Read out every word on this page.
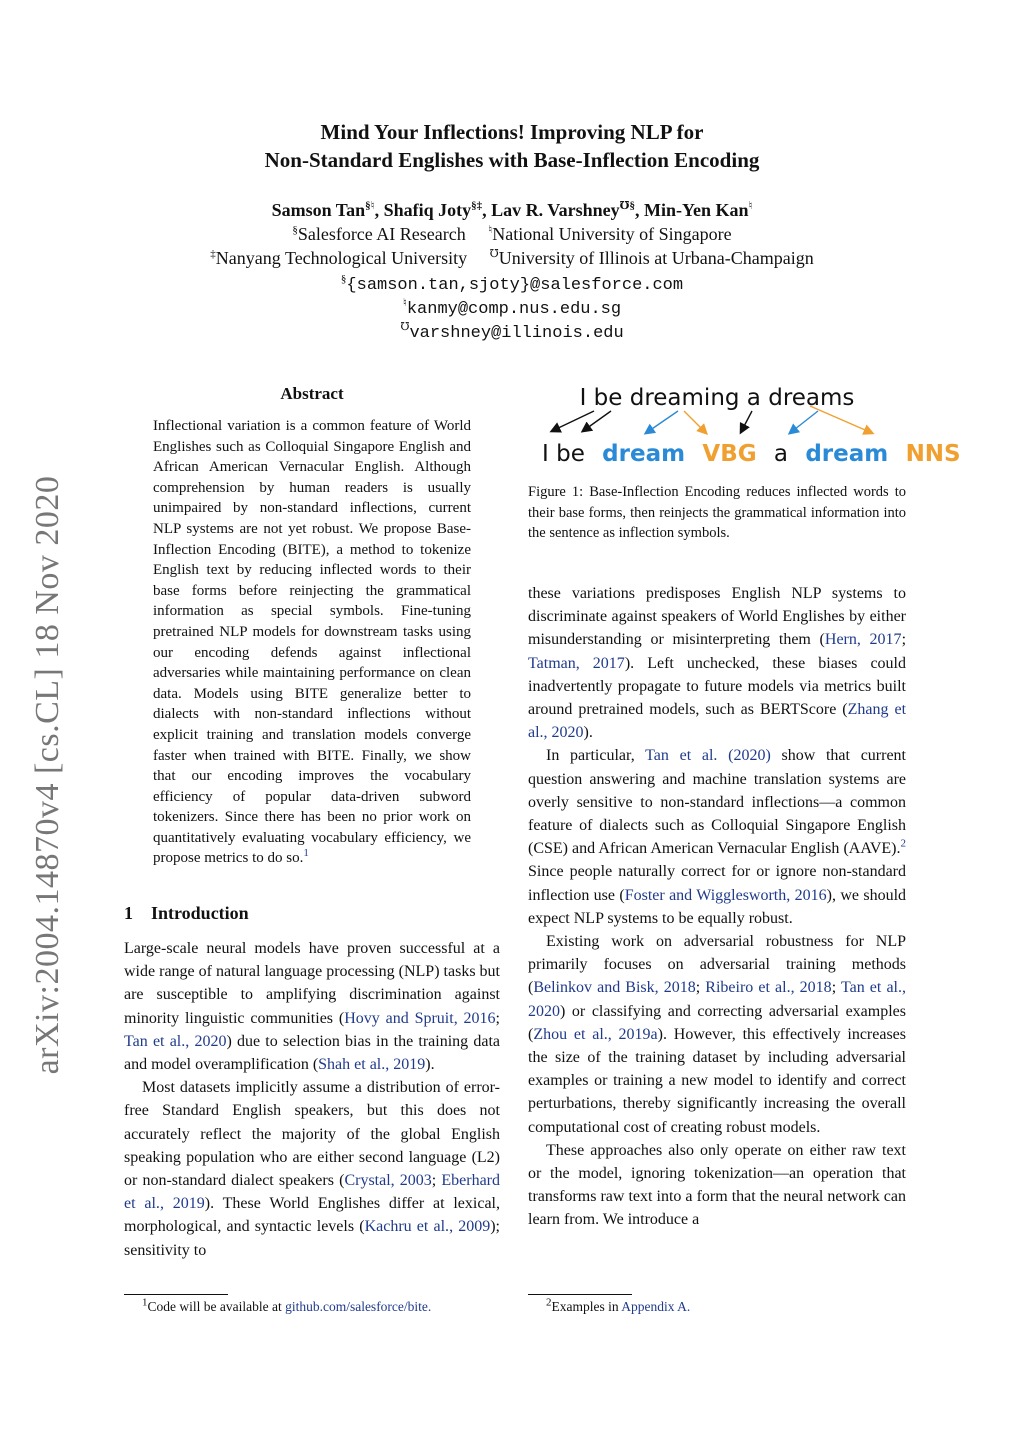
Mind Your Inflections! Improving NLP for
Non-Standard Englishes with Base-Inflection Encoding
Samson Tan§♮, Shafiq Joty§‡, Lav R. Varshney℧§, Min-Yen Kan♮
§Salesforce AI Research ♮National University of Singapore
‡Nanyang Technological University ℧University of Illinois at Urbana-Champaign
§{samson.tan,sjoty}@salesforce.com
♮kanmy@comp.nus.edu.sg
℧varshney@illinois.edu
arXiv:2004.14870v4 [cs.CL] 18 Nov 2020
Abstract
Inflectional variation is a common feature of World Englishes such as Colloquial Singapore English and African American Vernacular English. Although comprehension by human readers is usually unimpaired by non-standard inflections, current NLP systems are not yet robust. We propose Base-Inflection Encoding (BITE), a method to tokenize English text by reducing inflected words to their base forms before reinjecting the grammatical information as special symbols. Fine-tuning pretrained NLP models for downstream tasks using our encoding defends against inflectional adversaries while maintaining performance on clean data. Models using BITE generalize better to dialects with non-standard inflections without explicit training and translation models converge faster when trained with BITE. Finally, we show that our encoding improves the vocabulary efficiency of popular data-driven subword tokenizers. Since there has been no prior work on quantitatively evaluating vocabulary efficiency, we propose metrics to do so.$^1$
1 Introduction

Large-scale neural models have proven successful at a wide range of natural language processing (NLP) tasks but are susceptible to amplifying discrimination against minority linguistic communities (Hovy and Spruit, 2016; Tan et al., 2020) due to selection bias in the training data and model overamplification (Shah et al., 2019).

Most datasets implicitly assume a distribution of error-free Standard English speakers, but this does not accurately reflect the majority of the global English speaking population who are either second language (L2) or non-standard dialect speakers (Crystal, 2003; Eberhard et al., 2019). These World Englishes differ at lexical, morphological, and syntactic levels (Kachru et al., 2009); sensitivity to

$^1$Code will be available at github.com/salesforce/bite.
I be dreaming a dreams
I be dream VBG a dream NNS
Figure 1: Base-Inflection Encoding reduces inflected words to their base forms, then reinjects the grammatical information into the sentence as inflection symbols.

these variations predisposes English NLP systems to discriminate against speakers of World Englishes by either misunderstanding or misinterpreting them (Hern, 2017; Tatman, 2017). Left unchecked, these biases could inadvertently propagate to future models via metrics built around pretrained models, such as BERTScore (Zhang et al., 2020).

In particular, Tan et al. (2020) show that current question answering and machine translation systems are overly sensitive to non-standard inflections—a common feature of dialects such as Colloquial Singapore English (CSE) and African American Vernacular English (AAVE).$^2$ Since people naturally correct for or ignore non-standard inflection use (Foster and Wigglesworth, 2016), we should expect NLP systems to be equally robust.

Existing work on adversarial robustness for NLP primarily focuses on adversarial training methods (Belinkov and Bisk, 2018; Ribeiro et al., 2018; Tan et al., 2020) or classifying and correcting adversarial examples (Zhou et al., 2019a). However, this effectively increases the size of the training dataset by including adversarial examples or training a new model to identify and correct perturbations, thereby significantly increasing the overall computational cost of creating robust models.

These approaches also only operate on either raw text or the model, ignoring tokenization—an operation that transforms raw text into a form that the neural network can learn from. We introduce a

$^2$Examples in Appendix A.
